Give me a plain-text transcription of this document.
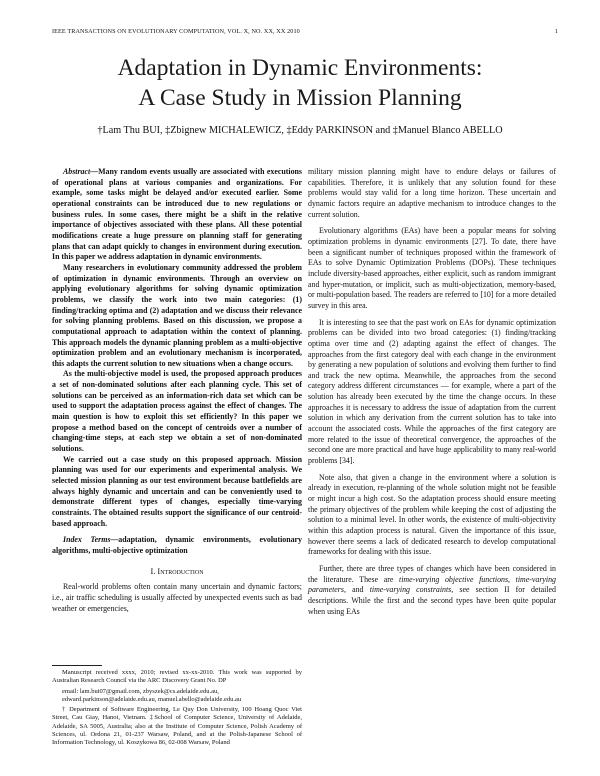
IEEE TRANSACTIONS ON EVOLUTIONARY COMPUTATION, VOL. X, NO. XX, XX 2010	1
Adaptation in Dynamic Environments:
A Case Study in Mission Planning
†Lam Thu BUI, ‡Zbignew MICHALEWICZ, ‡Eddy PARKINSON and ‡Manuel Blanco ABELLO

Abstract—Many random events usually are associated with executions of operational plans at various companies and organizations. For example, some tasks might be delayed and/or executed earlier. Some operational constraints can be introduced due to new regulations or business rules. In some cases, there might be a shift in the relative importance of objectives associated with these plans. All these potential modifications create a huge pressure on planning staff for generating plans that can adapt quickly to changes in environment during execution. In this paper we address adaptation in dynamic environments.

Many researchers in evolutionary community addressed the problem of optimization in dynamic environments. Through an overview on applying evolutionary algorithms for solving dynamic optimization problems, we classify the work into two main categories: (1) finding/tracking optima and (2) adaptation and we discuss their relevance for solving planning problems. Based on this discussion, we propose a computational approach to adaptation within the context of planning. This approach models the dynamic planning problem as a multi-objective optimization problem and an evolutionary mechanism is incorporated, this adapts the current solution to new situations when a change occurs.

As the multi-objective model is used, the proposed approach produces a set of non-dominated solutions after each planning cycle. This set of solutions can be perceived as an information-rich data set which can be used to support the adaptation process against the effect of changes. The main question is how to exploit this set efficiently? In this paper we propose a method based on the concept of centroids over a number of changing-time steps, at each step we obtain a set of non-dominated solutions.

We carried out a case study on this proposed approach. Mission planning was used for our experiments and experimental analysis. We selected mission planning as our test environment because battlefields are always highly dynamic and uncertain and can be conveniently used to demonstrate different types of changes, especially time-varying constraints. The obtained results support the significance of our centroid-based approach.

Index Terms—adaptation, dynamic environments, evolutionary algorithms, multi-objective optimization

I. Introduction

Real-world problems often contain many uncertain and dynamic factors; i.e., air traffic scheduling is usually affected by unexpected events such as bad weather or emergencies,

Manuscript received xxxx, 2010; revised xx-xx-2010. This work was supported by Australian Research Council via the ARC Discovery Grant No. DP

email: lam.bui07@gmail.com, zbyszek@cs.adelaide.edu.au,
edward.parkinson@adelaide.edu.au, manuel.abello@adelaide.edu.au

† Department of Software Engineering, Le Quy Don University, 100 Hoang Quoc Viet Street, Cau Giay, Hanoi, Vietnam. ‡School of Computer Science, University of Adelaide, Adelaide, SA 5005, Australia; also at the Institute of Computer Science, Polish Academy of Sciences, ul. Ordona 21, 01-237 Warsaw, Poland, and at the Polish-Japanese School of Information Technology, ul. Koszykowa 86, 02-008 Warsaw, Poland

military mission planning might have to endure delays or failures of capabilities. Therefore, it is unlikely that any solution found for these problems would stay valid for a long time horizon. These uncertain and dynamic factors require an adaptive mechanism to introduce changes to the current solution.

Evolutionary algorithms (EAs) have been a popular means for solving optimization problems in dynamic environments [27]. To date, there have been a significant number of techniques proposed within the framework of EAs to solve Dynamic Optimization Problems (DOPs). These techniques include diversity-based approaches, either explicit, such as random immigrant and hyper-mutation, or implicit, such as multi-objectization, memory-based, or multi-population based. The readers are referred to [10] for a more detailed survey in this area.

It is interesting to see that the past work on EAs for dynamic optimization problems can be divided into two broad categories: (1) finding/tracking optima over time and (2) adapting against the effect of changes. The approaches from the first category deal with each change in the environment by generating a new population of solutions and evolving them further to find and track the new optima. Meanwhile, the approaches from the second category address different circumstances — for example, where a part of the solution has already been executed by the time the change occurs. In these approaches it is necessary to address the issue of adaptation from the current solution in which any derivation from the current solution has to take into account the associated costs. While the approaches of the first category are more related to the issue of theoretical convergence, the approaches of the second one are more practical and have huge applicability to many real-world problems [34].

Note also, that given a change in the environment where a solution is already in execution, re-planning of the whole solution might not be feasible or might incur a high cost. So the adaptation process should ensure meeting the primary objectives of the problem while keeping the cost of adjusting the solution to a minimal level. In other words, the existence of multi-objectivity within this adaption process is natural. Given the importance of this issue, however there seems a lack of dedicated research to develop computational frameworks for dealing with this issue.

Further, there are three types of changes which have been considered in the literature. These are time-varying objective functions, time-varying parameters, and time-varying constraints, see section II for detailed descriptions. While the first and the second types have been quite popular when using EAs
